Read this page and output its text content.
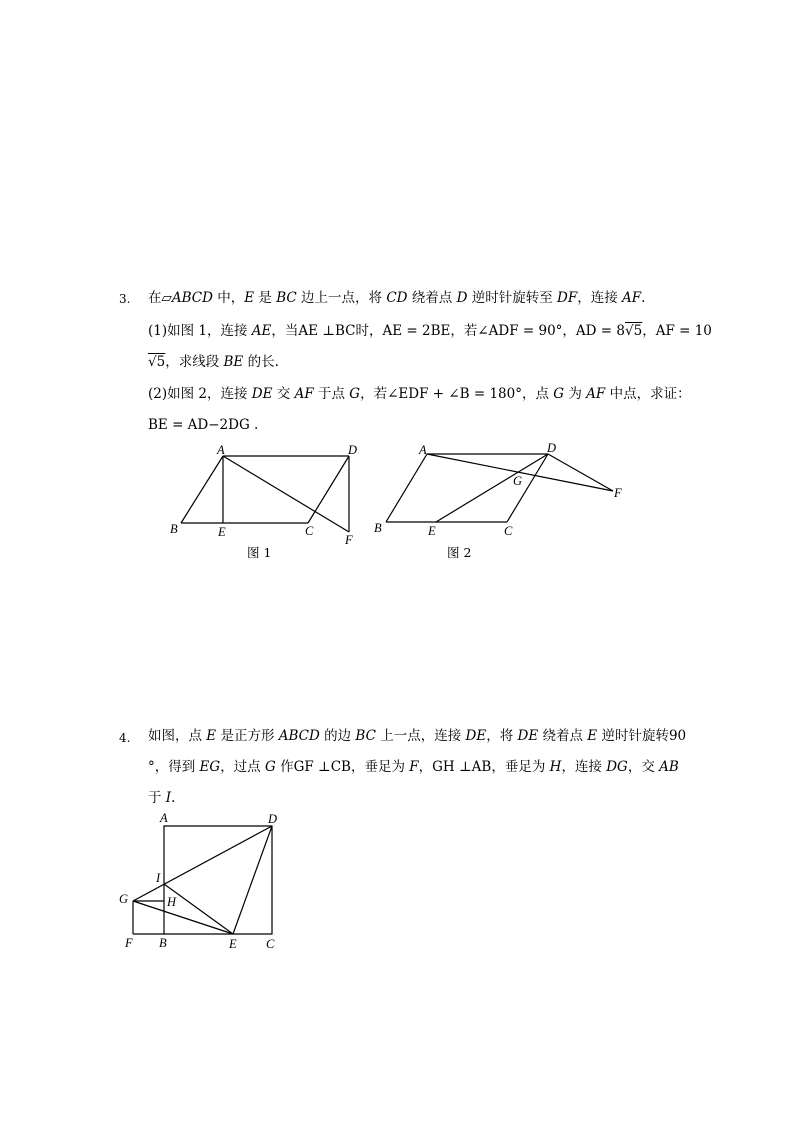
3. 在▱ABCD 中，E 是 BC 边上一点，将 CD 绕着点 D 逆时针旋转至 DF，连接 AF.
(1)如图 1，连接 AE，当AE ⊥BC时，AE = 2BE，若∠ADF = 90°，AD = 8√5，AF = 10
√5，求线段 BE 的长.
(2)如图 2，连接 DE 交 AF 于点 G，若∠EDF + ∠B = 180°，点 G 为 AF 中点，求证：
BE = AD−2DG .
A	D
B	E	C
F
图 1
A	D
G
F
B	E	C
图 2
4. 如图，点 E 是正方形 ABCD 的边 BC 上一点，连接 DE，将 DE 绕着点 E 逆时针旋转90
°，得到 EG，过点 G 作GF ⊥CB，垂足为 F，GH ⊥AB，垂足为 H，连接 DG，交 AB
于 I.
A	D
I
G	H
F B	E C
